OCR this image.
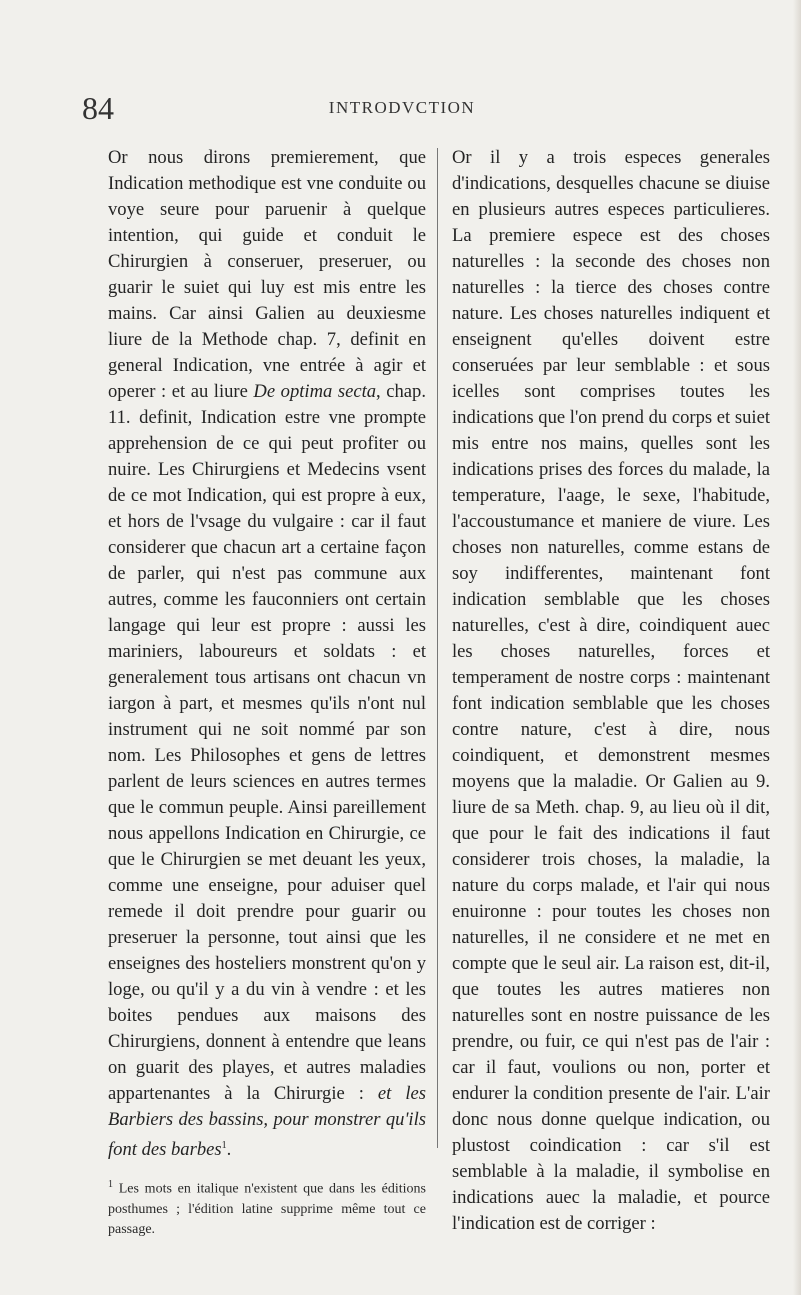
84	INTRODVCTION

Or nous dirons premierement, que Indication methodique est vne conduite ou voye seure pour paruenir à quelque intention, qui guide et conduit le Chirurgien à conseruer, preseruer, ou guarir le suiet qui luy est mis entre les mains. Car ainsi Galien au deuxiesme liure de la Methode chap. 7, definit en general Indication, vne entrée à agir et operer : et au liure De optima secta, chap. 11. definit, Indication estre vne prompte apprehension de ce qui peut profiter ou nuire. Les Chirurgiens et Medecins vsent de ce mot Indication, qui est propre à eux, et hors de l'vsage du vulgaire : car il faut considerer que chacun art a certaine façon de parler, qui n'est pas commune aux autres, comme les fauconniers ont certain langage qui leur est propre : aussi les mariniers, laboureurs et soldats : et generalement tous artisans ont chacun vn iargon à part, et mesmes qu'ils n'ont nul instrument qui ne soit nommé par son nom. Les Philosophes et gens de lettres parlent de leurs sciences en autres termes que le commun peuple. Ainsi pareillement nous appellons Indication en Chirurgie, ce que le Chirurgien se met deuant les yeux, comme une enseigne, pour aduiser quel remede il doit prendre pour guarir ou preseruer la personne, tout ainsi que les enseignes des hosteliers monstrent qu'on y loge, ou qu'il y a du vin à vendre : et les boites pendues aux maisons des Chirurgiens, donnent à entendre que leans on guarit des playes, et autres maladies appartenantes à la Chirurgie : et les Barbiers des bassins, pour monstrer qu'ils font des barbes$^1$.

$^1$ Les mots en italique n'existent que dans les éditions posthumes ; l'édition latine supprime même tout ce passage.

Or il y a trois especes generales d'indications, desquelles chacune se diuise en plusieurs autres especes particulieres. La premiere espece est des choses naturelles : la seconde des choses non naturelles : la tierce des choses contre nature. Les choses naturelles indiquent et enseignent qu'elles doivent estre conseruées par leur semblable : et sous icelles sont comprises toutes les indications que l'on prend du corps et suiet mis entre nos mains, quelles sont les indications prises des forces du malade, la temperature, l'aage, le sexe, l'habitude, l'accoustumance et maniere de viure. Les choses non naturelles, comme estans de soy indifferentes, maintenant font indication semblable que les choses naturelles, c'est à dire, coindiquent auec les choses naturelles, forces et temperament de nostre corps : maintenant font indication semblable que les choses contre nature, c'est à dire, nous coindiquent, et demonstrent mesmes moyens que la maladie. Or Galien au 9. liure de sa Meth. chap. 9, au lieu où il dit, que pour le fait des indications il faut considerer trois choses, la maladie, la nature du corps malade, et l'air qui nous enuironne : pour toutes les choses non naturelles, il ne considere et ne met en compte que le seul air. La raison est, dit-il, que toutes les autres matieres non naturelles sont en nostre puissance de les prendre, ou fuir, ce qui n'est pas de l'air : car il faut, voulions ou non, porter et endurer la condition presente de l'air. L'air donc nous donne quelque indication, ou plustost coindication : car s'il est semblable à la maladie, il symbolise en indications auec la maladie, et pource l'indication est de corriger :
